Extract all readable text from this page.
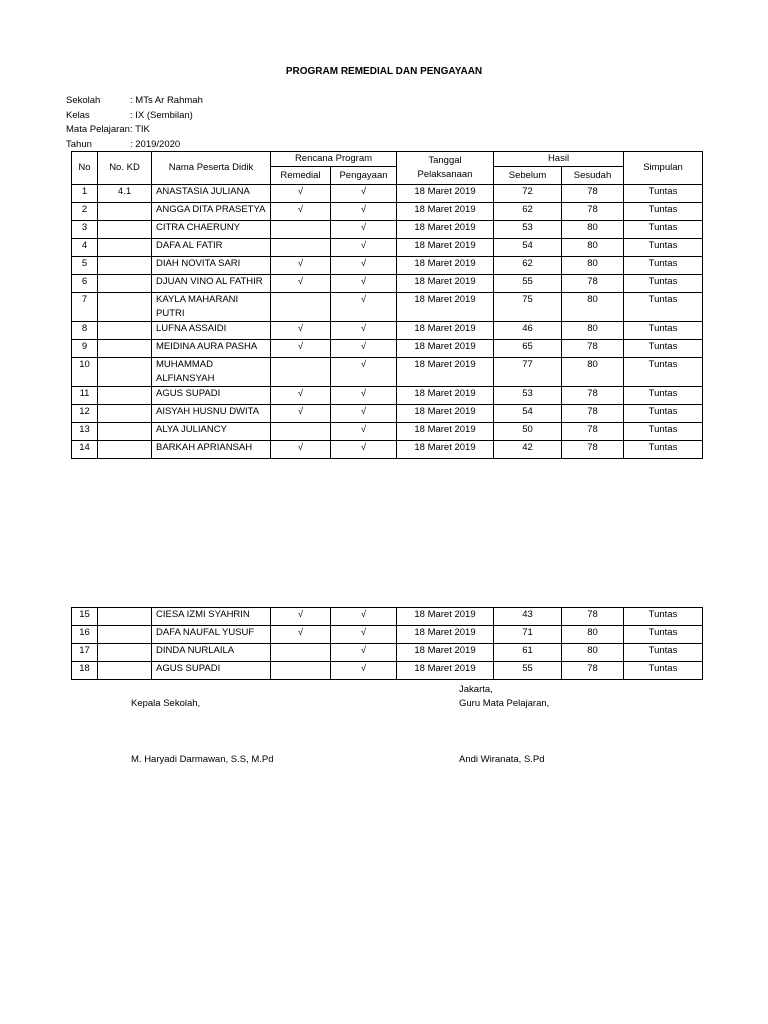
PROGRAM REMEDIAL DAN PENGAYAAN
Sekolah	: MTs Ar Rahmah
Kelas	: IX (Sembilan)
Mata Pelajaran : TIK
Tahun	: 2019/2020
No	No. KD	Nama Peserta Didik	Rencana Program		Tanggal Pelaksanaan	Hasil		Simpulan
			Remedial	Pengayaan		Sebelum	Sesudah	
1	4.1	ANASTASIA JULIANA	√	√	18 Maret 2019	72	78	Tuntas
2		ANGGA DITA PRASETYA	√	√	18 Maret 2019	62	78	Tuntas
3		CITRA CHAERUNY		√	18 Maret 2019	53	80	Tuntas
4		DAFA AL FATIR		√	18 Maret 2019	54	80	Tuntas
5		DIAH NOVITA SARI	√	√	18 Maret 2019	62	80	Tuntas
6		DJUAN VINO AL FATHIR	√	√	18 Maret 2019	55	78	Tuntas
7		KAYLA MAHARANI PUTRI		√	18 Maret 2019	75	80	Tuntas
8		LUFNA ASSAIDI	√	√	18 Maret 2019	46	80	Tuntas
9		MEIDINA AURA PASHA	√	√	18 Maret 2019	65	78	Tuntas
10		MUHAMMAD ALFIANSYAH		√	18 Maret 2019	77	80	Tuntas
11		AGUS SUPADI	√	√	18 Maret 2019	53	78	Tuntas
12		AISYAH HUSNU DWITA	√	√	18 Maret 2019	54	78	Tuntas
13		ALYA JULIANCY		√	18 Maret 2019	50	78	Tuntas
14		BARKAH APRIANSAH	√	√	18 Maret 2019	42	78	Tuntas
15		CIESA IZMI SYAHRIN	√	√	18 Maret 2019	43	78	Tuntas
16		DAFA NAUFAL YUSUF	√	√	18 Maret 2019	71	80	Tuntas
17		DINDA NURLAILA		√	18 Maret 2019	61	80	Tuntas
18		AGUS SUPADI		√	18 Maret 2019	55	78	Tuntas
Jakarta,
Kepala Sekolah,	Guru Mata Pelajaran,
M. Haryadi Darmawan, S.S, M.Pd	Andi Wiranata, S.Pd
